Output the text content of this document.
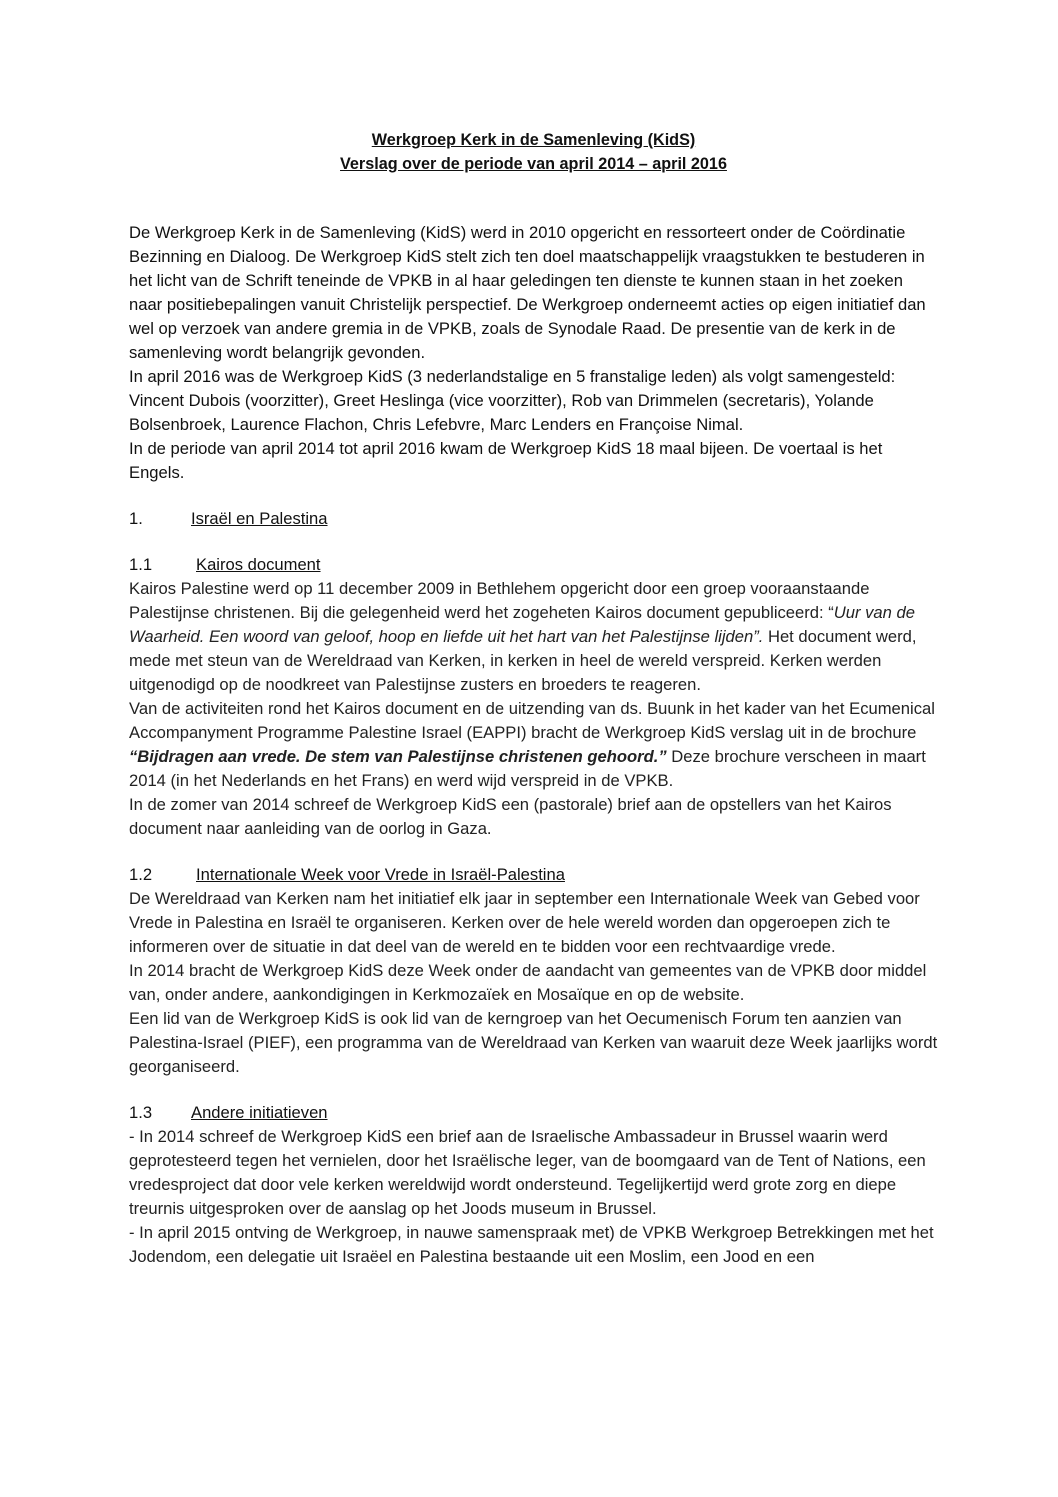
Werkgroep Kerk in de Samenleving (KidS)

Verslag over de periode van april 2014 – april 2016

De Werkgroep Kerk in de Samenleving (KidS) werd in 2010 opgericht en ressorteert onder de Coördinatie Bezinning en Dialoog. De Werkgroep KidS stelt zich ten doel maatschappelijk vraagstukken te bestuderen in het licht van de Schrift teneinde de VPKB in al haar geledingen ten dienste te kunnen staan in het zoeken naar positiebepalingen vanuit Christelijk perspectief. De Werkgroep onderneemt acties op eigen initiatief dan wel op verzoek van andere gremia in de VPKB, zoals de Synodale Raad. De presentie van de kerk in de samenleving wordt belangrijk gevonden.

In april 2016 was de Werkgroep KidS (3 nederlandstalige en 5 franstalige leden) als volgt samengesteld: Vincent Dubois (voorzitter), Greet Heslinga (vice voorzitter), Rob van Drimmelen (secretaris), Yolande Bolsenbroek, Laurence Flachon, Chris Lefebvre, Marc Lenders en Françoise Nimal.

In de periode van april 2014 tot april 2016 kwam de Werkgroep KidS 18 maal bijeen. De voertaal is het Engels.

1.	Israël en Palestina

1.1	Kairos document

Kairos Palestine werd op 11 december 2009 in Bethlehem opgericht door een groep vooraanstaande Palestijnse christenen. Bij die gelegenheid werd het zogeheten Kairos document gepubliceerd: “Uur van de Waarheid. Een woord van geloof, hoop en liefde uit het hart van het Palestijnse lijden”. Het document werd, mede met steun van de Wereldraad van Kerken, in kerken in heel de wereld verspreid. Kerken werden uitgenodigd op de noodkreet van Palestijnse zusters en broeders te reageren.

Van de activiteiten rond het Kairos document en de uitzending van ds. Buunk in het kader van het Ecumenical Accompanyment Programme Palestine Israel (EAPPI) bracht de Werkgroep KidS verslag uit in de brochure “Bijdragen aan vrede. De stem van Palestijnse christenen gehoord.” Deze brochure verscheen in maart 2014 (in het Nederlands en het Frans) en werd wijd verspreid in de VPKB.

In de zomer van 2014 schreef de Werkgroep KidS een (pastorale) brief aan de opstellers van het Kairos document naar aanleiding van de oorlog in Gaza.

1.2	Internationale Week voor Vrede in Israël-Palestina

De Wereldraad van Kerken nam het initiatief elk jaar in september een Internationale Week van Gebed voor Vrede in Palestina en Israël te organiseren. Kerken over de hele wereld worden dan opgeroepen zich te informeren over de situatie in dat deel van de wereld en te bidden voor een rechtvaardige vrede.

In 2014 bracht de Werkgroep KidS deze Week onder de aandacht van gemeentes van de VPKB door middel van, onder andere, aankondigingen in Kerkmozaïek en Mosaïque en op de website.

Een lid van de Werkgroep KidS is ook lid van de kerngroep van het Oecumenisch Forum ten aanzien van Palestina-Israel (PIEF), een programma van de Wereldraad van Kerken van waaruit deze Week jaarlijks wordt georganiseerd.

1.3	Andere initiatieven

- In 2014 schreef de Werkgroep KidS een brief aan de Israelische Ambassadeur in Brussel waarin werd geprotesteerd tegen het vernielen, door het Israëlische leger, van de boomgaard van de Tent of Nations, een vredesproject dat door vele kerken wereldwijd wordt ondersteund. Tegelijkertijd werd grote zorg en diepe treurnis uitgesproken over de aanslag op het Joods museum in Brussel.

- In april 2015 ontving de Werkgroep, in nauwe samenspraak met) de VPKB Werkgroep Betrekkingen met het Jodendom, een delegatie uit Israëel en Palestina bestaande uit een Moslim, een Jood en een
